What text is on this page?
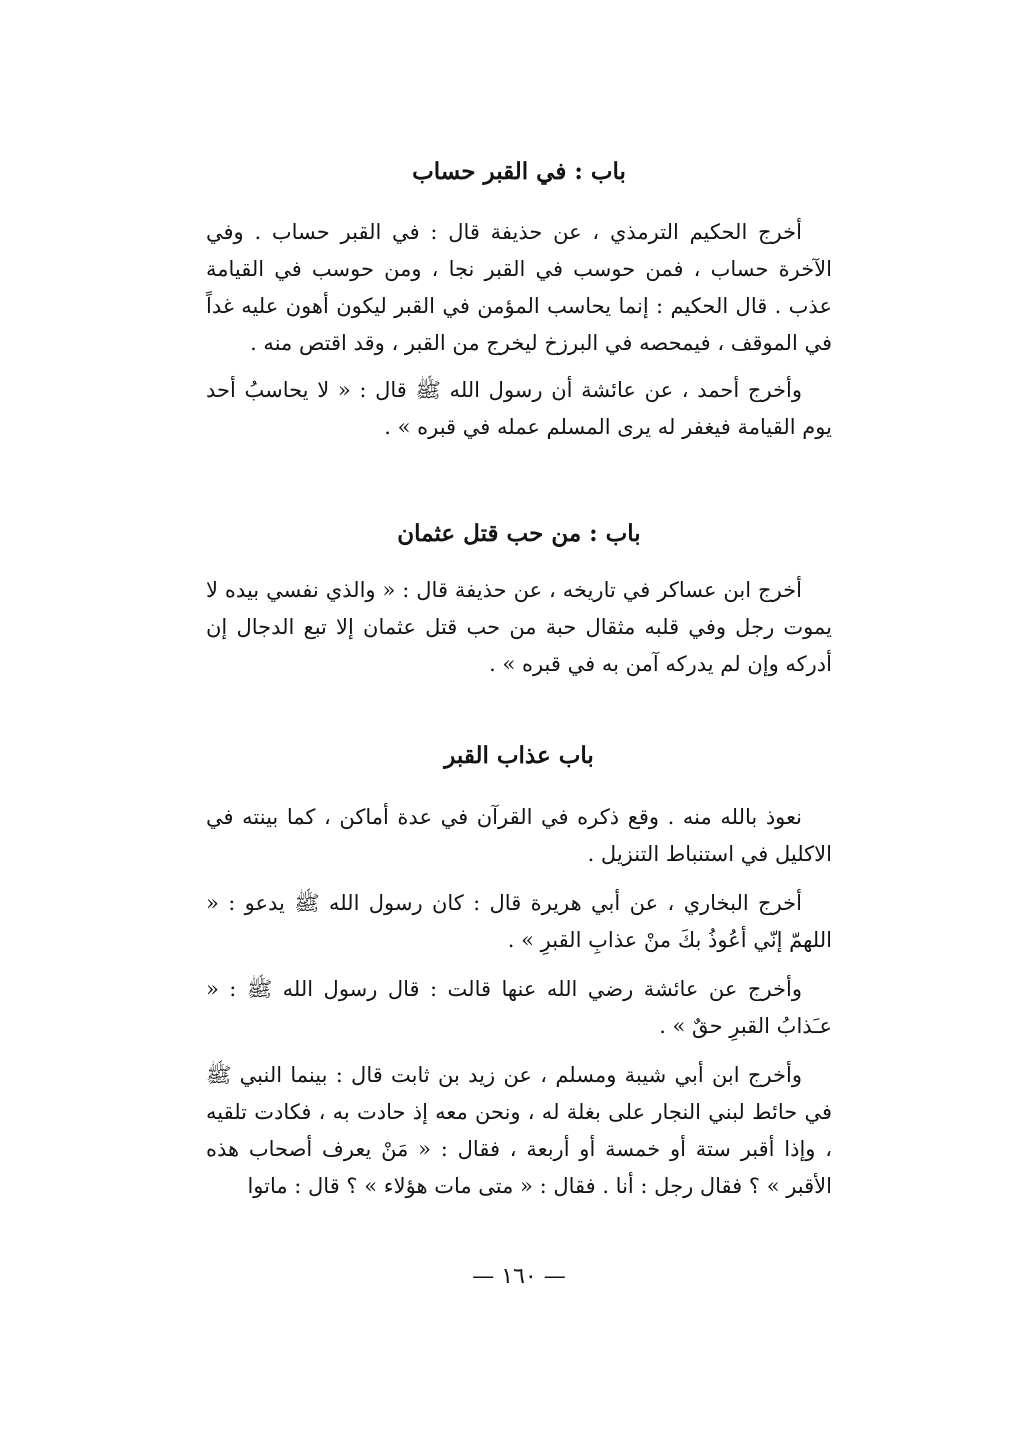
باب : في القبر حساب

أخرج الحكيم الترمذي ، عن حذيفة قال : في القبر حساب . وفي الآخرة حساب ، فمن حوسب في القبر نجا ، ومن حوسب في القيامة عذب . قال الحكيم : إنما يحاسب المؤمن في القبر ليكون أهون عليه غداً في الموقف ، فيمحصه في البرزخ ليخرج من القبر ، وقد اقتص منه .

وأخرج أحمد ، عن عائشة أن رسول الله ﷺ قال : « لا يحاسبُ أحد يوم القيامة فيغفر له يرى المسلم عمله في قبره » .

باب : من حب قتل عثمان

أخرج ابن عساكر في تاريخه ، عن حذيفة قال : « والذي نفسي بيده لا يموت رجل وفي قلبه مثقال حبة من حب قتل عثمان إلا تبع الدجال إن أدركه وإن لم يدركه آمن به في قبره » .

باب عذاب القبر

نعوذ بالله منه . وقع ذكره في القرآن في عدة أماكن ، كما بينته في الاكليل في استنباط التنزيل .

أخرج البخاري ، عن أبي هريرة قال : كان رسول الله ﷺ يدعو : « اللهمّ إنّي أعُوذُ بكَ منْ عذابِ القبرِ » .

وأخرج عن عائشة رضي الله عنها قالت : قال رسول الله ﷺ : « عـَذابُ القبرِ حقٌ » .

وأخرج ابن أبي شيبة ومسلم ، عن زيد بن ثابت قال : بينما النبي ﷺ في حائط لبني النجار على بغلة له ، ونحن معه إذ حادت به ، فكادت تلقيه ، وإذا أقبر ستة أو خمسة أو أربعة ، فقال : « مَنْ يعرف أصحاب هذه الأقبر » ؟ فقال رجل : أنا . فقال : « متى مات هؤلاء » ؟ قال : ماتوا

— ١٦٠ —
